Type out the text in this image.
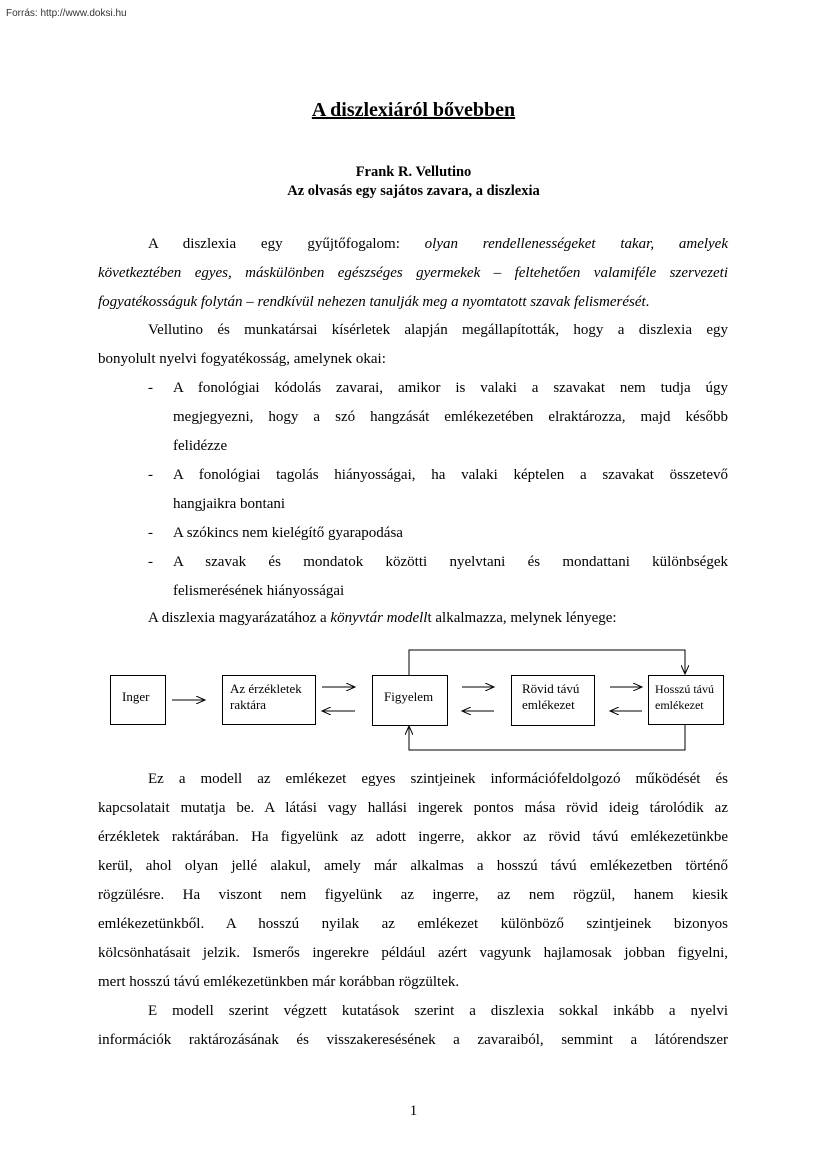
Forrás: http://www.doksi.hu
A diszlexiáról bővebben
Frank R. Vellutino
Az olvasás egy sajátos zavara, a diszlexia
A diszlexia egy gyűjtőfogalom: olyan rendellenességeket takar, amelyek
következtében egyes, máskülönben egészséges gyermekek – feltehetően valamiféle szervezeti
fogyatékosságuk folytán – rendkívül nehezen tanulják meg a nyomtatott szavak felismerését.
Vellutino és munkatársai kísérletek alapján megállapították, hogy a diszlexia egy
bonyolult nyelvi fogyatékosság, amelynek okai:
- A fonológiai kódolás zavarai, amikor is valaki a szavakat nem tudja úgy
megjegyezni, hogy a szó hangzását emlékezetében elraktározza, majd később
felidézze
- A fonológiai tagolás hiányosságai, ha valaki képtelen a szavakat összetevő
hangjaikra bontani
- A szókincs nem kielégítő gyarapodása
- A szavak és mondatok közötti nyelvtani és mondattani különbségek
felismerésének hiányosságai
A diszlexia magyarázatához a könyvtár modellt alkalmazza, melynek lényege:
Inger
Az érzékletek
raktára
Figyelem
Rövid távú
emlékezet
Hosszú távú
emlékezet
Ez a modell az emlékezet egyes szintjeinek információfeldolgozó működését és
kapcsolatait mutatja be. A látási vagy hallási ingerek pontos mása rövid ideig tárolódik az
érzékletek raktárában. Ha figyelünk az adott ingerre, akkor az rövid távú emlékezetünkbe
kerül, ahol olyan jellé alakul, amely már alkalmas a hosszú távú emlékezetben történő
rögzülésre. Ha viszont nem figyelünk az ingerre, az nem rögzül, hanem kiesik
emlékezetünkből. A hosszú nyilak az emlékezet különböző szintjeinek bizonyos
kölcsönhatásait jelzik. Ismerős ingerekre például azért vagyunk hajlamosak jobban figyelni,
mert hosszú távú emlékezetünkben már korábban rögzültek.
E modell szerint végzett kutatások szerint a diszlexia sokkal inkább a nyelvi
információk raktározásának és visszakeresésének a zavaraiból, semmint a látórendszer
1
